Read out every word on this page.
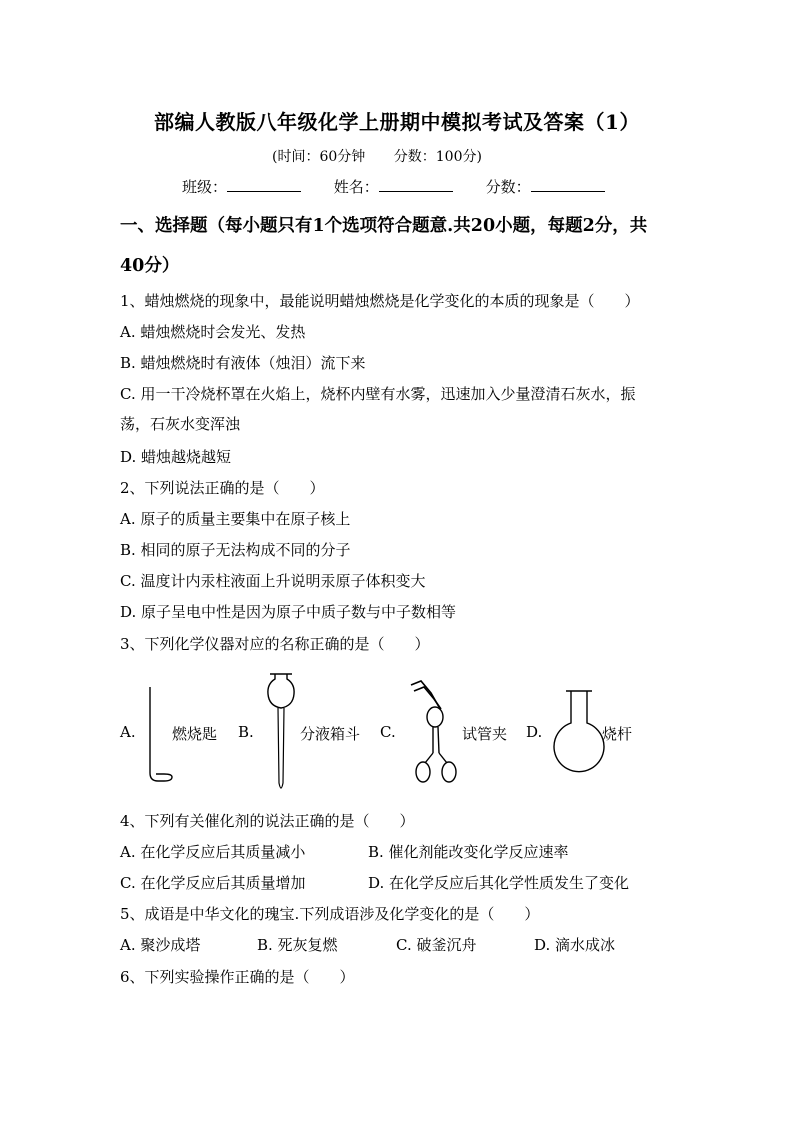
部编人教版八年级化学上册期中模拟考试及答案（1）
(时间：60分钟 分数：100分)
班级：	姓名：	分数：
一、选择题（每小题只有1个选项符合题意.共20小题，每题2分，共
40分）
1、蜡烛燃烧的现象中，最能说明蜡烛燃烧是化学变化的本质的现象是（　　）
A. 蜡烛燃烧时会发光、发热
B. 蜡烛燃烧时有液体（烛泪）流下来
C. 用一干冷烧杯罩在火焰上，烧杯内壁有水雾，迅速加入少量澄清石灰水，振
荡，石灰水变浑浊
D. 蜡烛越烧越短
2、下列说法正确的是（　　）
A. 原子的质量主要集中在原子核上
B. 相同的原子无法构成不同的分子
C. 温度计内汞柱液面上升说明汞原子体积变大
D. 原子呈电中性是因为原子中质子数与中子数相等
3、下列化学仪器对应的名称正确的是（　　）
A. 燃烧匙 B.	分液箱斗 C.	试管夹 D.	烧杆
4、下列有关催化剂的说法正确的是（　　）
A. 在化学反应后其质量减小	B. 催化剂能改变化学反应速率
C. 在化学反应后其质量增加	D. 在化学反应后其化学性质发生了变化
5、成语是中华文化的瑰宝.下列成语涉及化学变化的是（　　）
A. 聚沙成塔	B. 死灰复燃	C. 破釜沉舟	D. 滴水成冰
6、下列实验操作正确的是（　　）
